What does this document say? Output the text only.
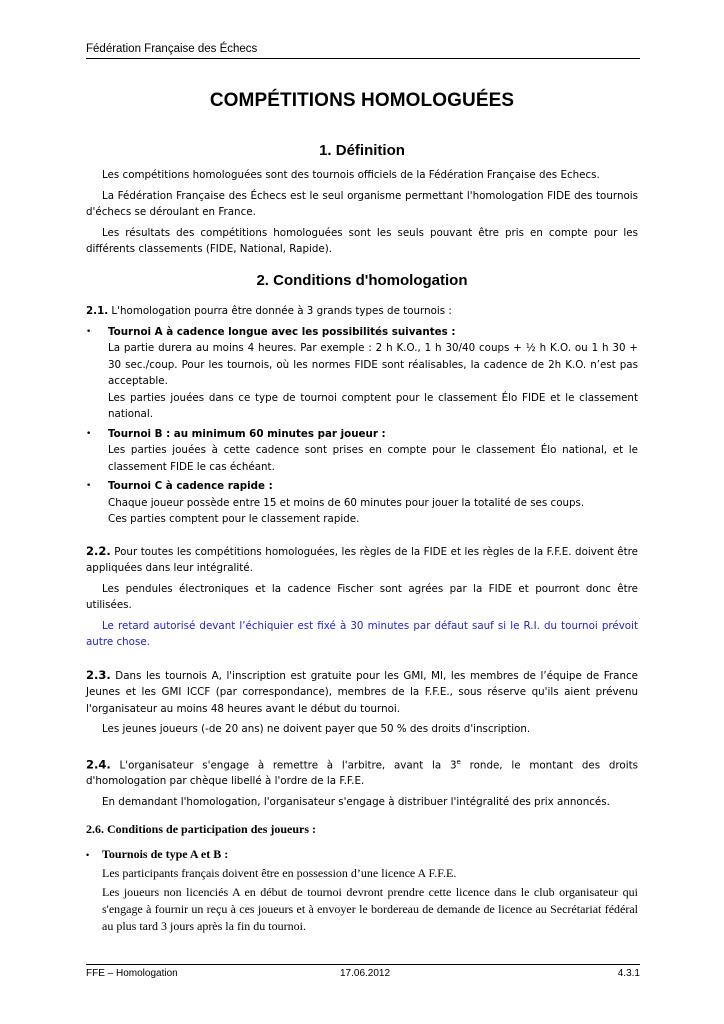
Fédération Française des Échecs
COMPÉTITIONS HOMOLOGUÉES
1. Définition

Les compétitions homologuées sont des tournois officiels de la Fédération Française des Echecs.

La Fédération Française des Échecs est le seul organisme permettant l'homologation FIDE des tournois d'échecs se déroulant en France.

Les résultats des compétitions homologuées sont les seuls pouvant être pris en compte pour les différents classements (FIDE, National, Rapide).

2. Conditions d'homologation

2.1. L'homologation pourra être donnée à 3 grands types de tournois :

• Tournoi A à cadence longue avec les possibilités suivantes :
La partie durera au moins 4 heures. Par exemple : 2 h K.O., 1 h 30/40 coups + ½ h K.O. ou 1 h 30 + 30 sec./coup. Pour les tournois, où les normes FIDE sont réalisables, la cadence de 2h K.O. n’est pas acceptable.
Les parties jouées dans ce type de tournoi comptent pour le classement Élo FIDE et le classement national.
• Tournoi B : au minimum 60 minutes par joueur :
Les parties jouées à cette cadence sont prises en compte pour le classement Élo national, et le classement FIDE le cas échéant.
• Tournoi C à cadence rapide :
Chaque joueur possède entre 15 et moins de 60 minutes pour jouer la totalité de ses coups.
Ces parties comptent pour le classement rapide.

2.2. Pour toutes les compétitions homologuées, les règles de la FIDE et les règles de la F.F.E. doivent être appliquées dans leur intégralité.

Les pendules électroniques et la cadence Fischer sont agrées par la FIDE et pourront donc être utilisées.

Le retard autorisé devant l’échiquier est fixé à 30 minutes par défaut sauf si le R.I. du tournoi prévoit autre chose.

2.3. Dans les tournois A, l'inscription est gratuite pour les GMI, MI, les membres de l’équipe de France Jeunes et les GMI ICCF (par correspondance), membres de la F.F.E., sous réserve qu'ils aient prévenu l'organisateur au moins 48 heures avant le début du tournoi.

Les jeunes joueurs (-de 20 ans) ne doivent payer que 50 % des droits d'inscription.

2.4. L'organisateur s'engage à remettre à l'arbitre, avant la 3e ronde, le montant des droits d'homologation par chèque libellé à l'ordre de la F.F.E.

En demandant l'homologation, l'organisateur s'engage à distribuer l'intégralité des prix annoncés.

2.6. Conditions de participation des joueurs :
• Tournois de type A et B :

Les participants français doivent être en possession d’une licence A F.F.E.

Les joueurs non licenciés A en début de tournoi devront prendre cette licence dans le club organisateur qui s'engage à fournir un reçu à ces joueurs et à envoyer le bordereau de demande de licence au Secrétariat fédéral au plus tard 3 jours après la fin du tournoi.

FFE – Homologation	17.06.2012	4.3.1
